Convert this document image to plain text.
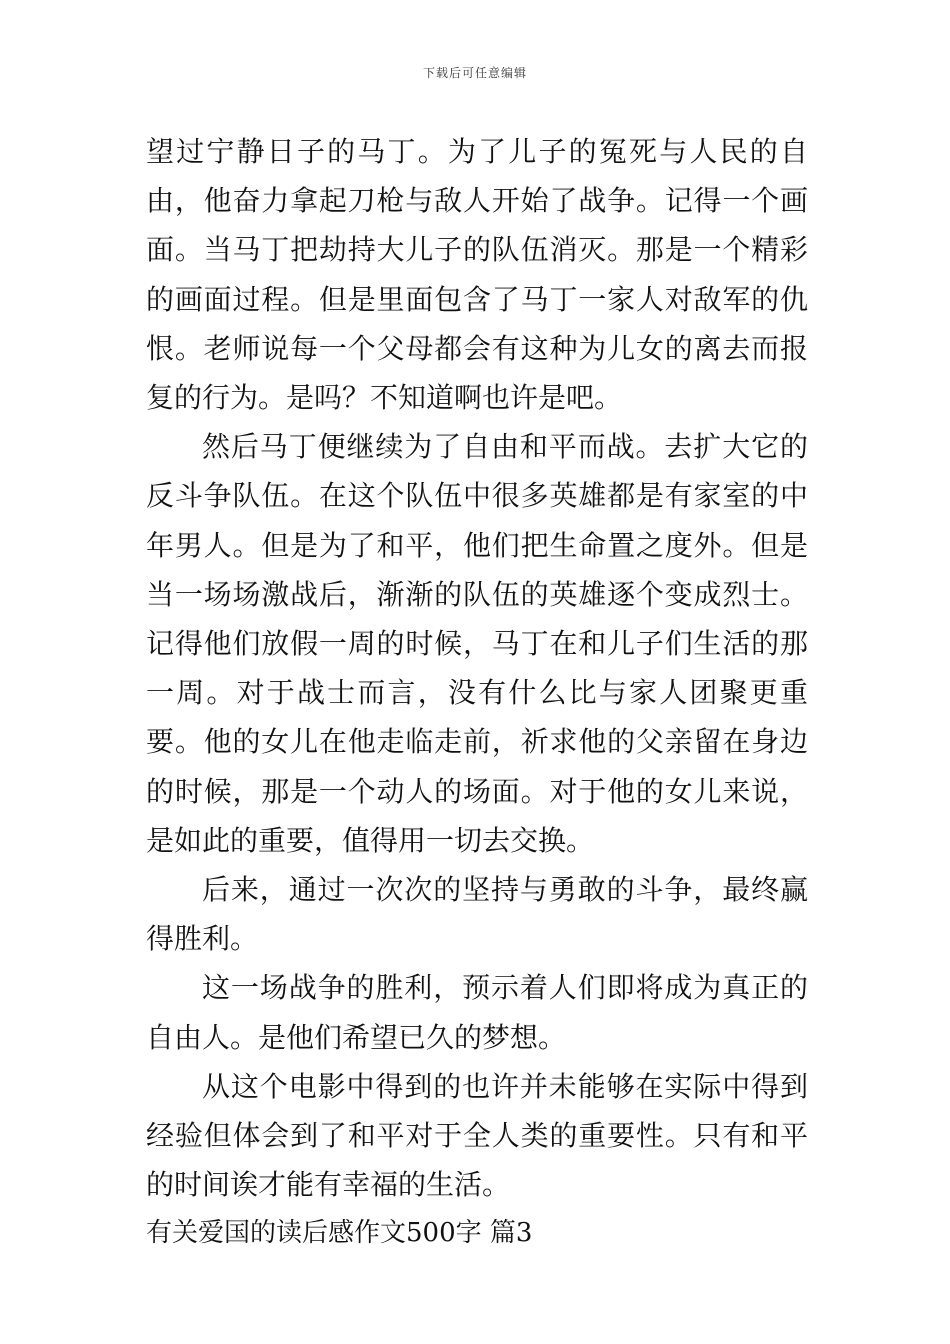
下载后可任意编辑

望过宁静日子的马丁。为了儿子的冤死与人民的自由，他奋力拿起刀枪与敌人开始了战争。记得一个画面。当马丁把劫持大儿子的队伍消灭。那是一个精彩的画面过程。但是里面包含了马丁一家人对敌军的仇恨。老师说每一个父母都会有这种为儿女的离去而报复的行为。是吗？不知道啊也许是吧。

然后马丁便继续为了自由和平而战。去扩大它的反斗争队伍。在这个队伍中很多英雄都是有家室的中年男人。但是为了和平，他们把生命置之度外。但是当一场场激战后，渐渐的队伍的英雄逐个变成烈士。记得他们放假一周的时候，马丁在和儿子们生活的那一周。对于战士而言，没有什么比与家人团聚更重要。他的女儿在他走临走前，祈求他的父亲留在身边的时候，那是一个动人的场面。对于他的女儿来说，是如此的重要，值得用一切去交换。

后来，通过一次次的坚持与勇敢的斗争，最终赢得胜利。

这一场战争的胜利，预示着人们即将成为真正的自由人。是他们希望已久的梦想。

从这个电影中得到的也许并未能够在实际中得到经验但体会到了和平对于全人类的重要性。只有和平的时间诶才能有幸福的生活。

有关爱国的读后感作文500字 篇3
